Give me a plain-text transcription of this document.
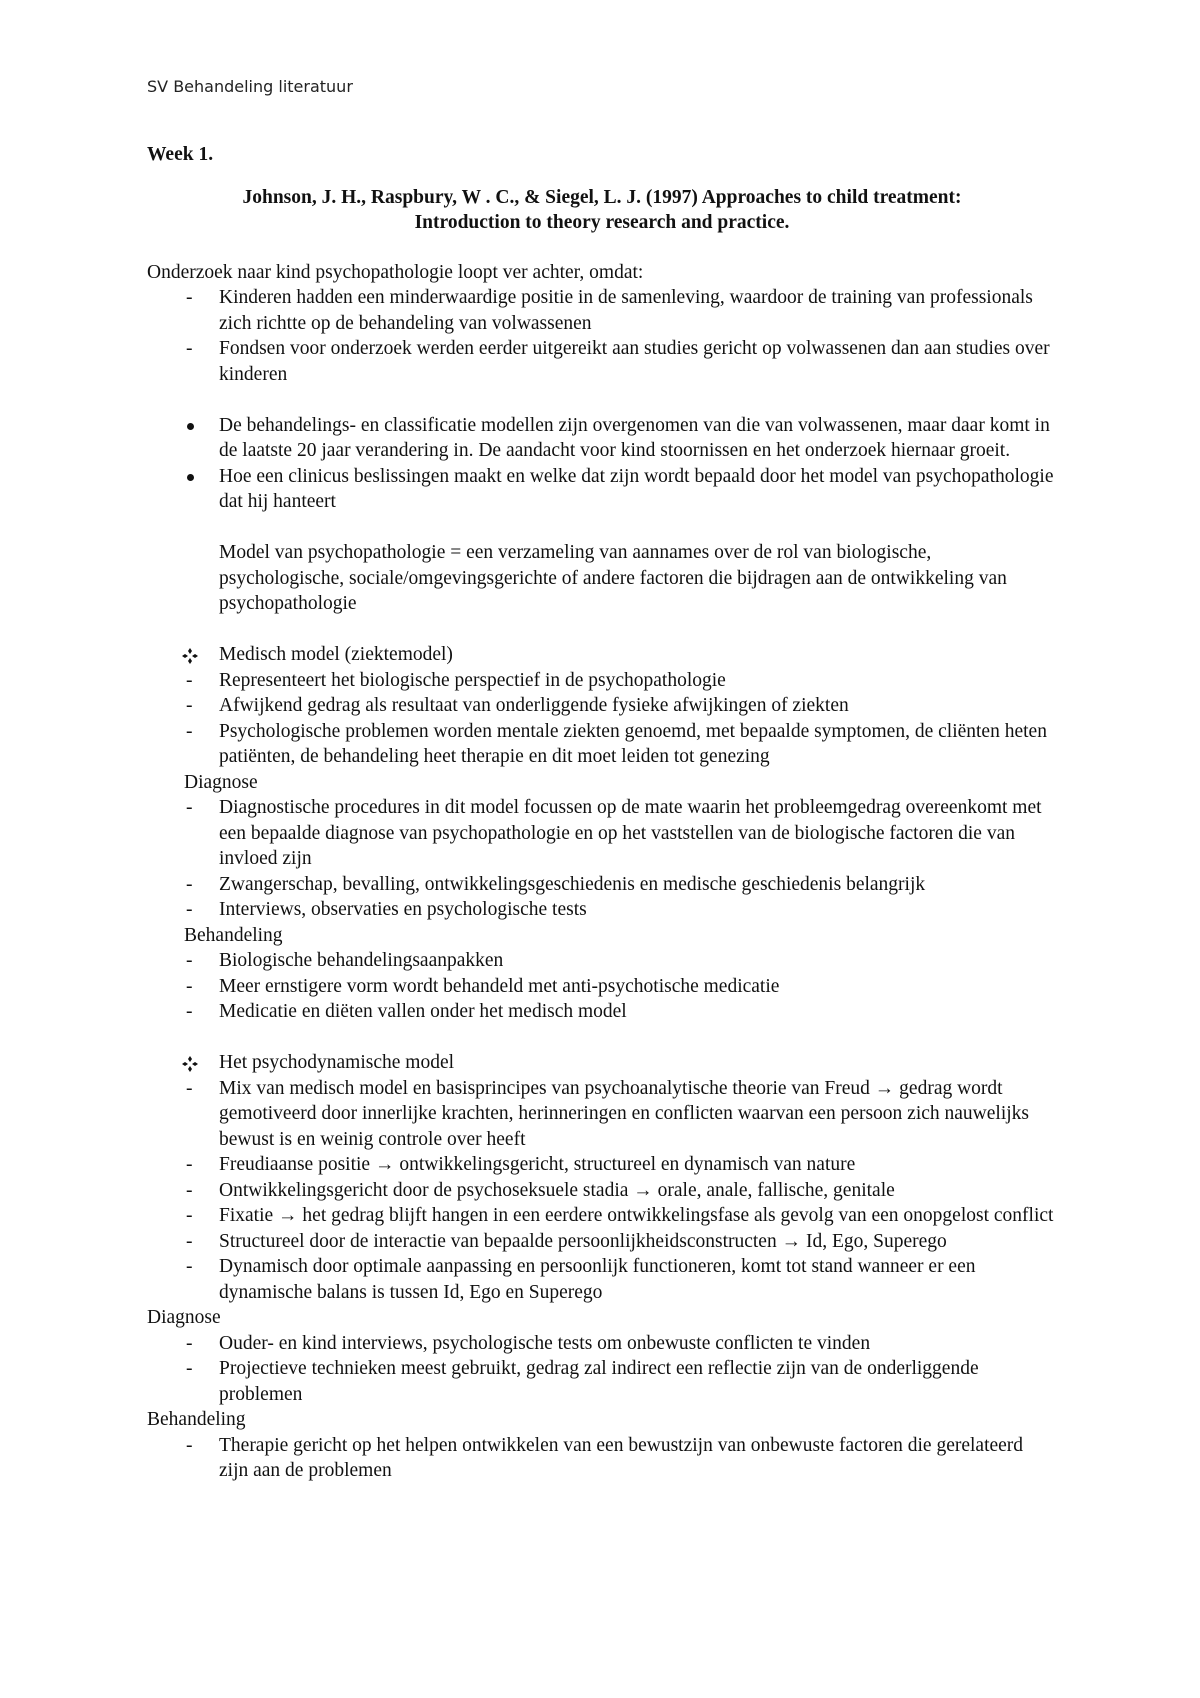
SV Behandeling literatuur

Week 1.

Johnson, J. H., Raspbury, W . C., & Siegel, L. J. (1997) Approaches to child treatment:
Introduction to theory research and practice.

Onderzoek naar kind psychopathologie loopt ver achter, omdat:

- Kinderen hadden een minderwaardige positie in de samenleving, waardoor de training van professionals zich richtte op de behandeling van volwassenen
- Fondsen voor onderzoek werden eerder uitgereikt aan studies gericht op volwassenen dan aan studies over kinderen
De behandelings- en classificatie modellen zijn overgenomen van die van volwassenen, maar daar komt in de laatste 20 jaar verandering in. De aandacht voor kind stoornissen en het onderzoek hiernaar groeit.
Hoe een clinicus beslissingen maakt en welke dat zijn wordt bepaald door het model van psychopathologie dat hij hanteert
Model van psychopathologie = een verzameling van aannames over de rol van biologische, psychologische, sociale/omgevingsgerichte of andere factoren die bijdragen aan de ontwikkeling van psychopathologie
Medisch model (ziektemodel)
- Representeert het biologische perspectief in de psychopathologie
- Afwijkend gedrag als resultaat van onderliggende fysieke afwijkingen of ziekten
- Psychologische problemen worden mentale ziekten genoemd, met bepaalde symptomen, de cliënten heten patiënten, de behandeling heet therapie en dit moet leiden tot genezing
Diagnose
- Diagnostische procedures in dit model focussen op de mate waarin het probleemgedrag overeenkomt met een bepaalde diagnose van psychopathologie en op het vaststellen van de biologische factoren die van invloed zijn
- Zwangerschap, bevalling, ontwikkelingsgeschiedenis en medische geschiedenis belangrijk
- Interviews, observaties en psychologische tests
Behandeling
- Biologische behandelingsaanpakken
- Meer ernstigere vorm wordt behandeld met anti-psychotische medicatie
- Medicatie en diëten vallen onder het medisch model
Het psychodynamische model
- Mix van medisch model en basisprincipes van psychoanalytische theorie van Freud → gedrag wordt gemotiveerd door innerlijke krachten, herinneringen en conflicten waarvan een persoon zich nauwelijks bewust is en weinig controle over heeft
- Freudiaanse positie → ontwikkelingsgericht, structureel en dynamisch van nature
- Ontwikkelingsgericht door de psychoseksuele stadia → orale, anale, fallische, genitale
- Fixatie → het gedrag blijft hangen in een eerdere ontwikkelingsfase als gevolg van een onopgelost conflict
- Structureel door de interactie van bepaalde persoonlijkheidsconstructen → Id, Ego, Superego
- Dynamisch door optimale aanpassing en persoonlijk functioneren, komt tot stand wanneer er een dynamische balans is tussen Id, Ego en Superego
Diagnose
- Ouder- en kind interviews, psychologische tests om onbewuste conflicten te vinden
- Projectieve technieken meest gebruikt, gedrag zal indirect een reflectie zijn van de onderliggende problemen
Behandeling
- Therapie gericht op het helpen ontwikkelen van een bewustzijn van onbewuste factoren die gerelateerd zijn aan de problemen
